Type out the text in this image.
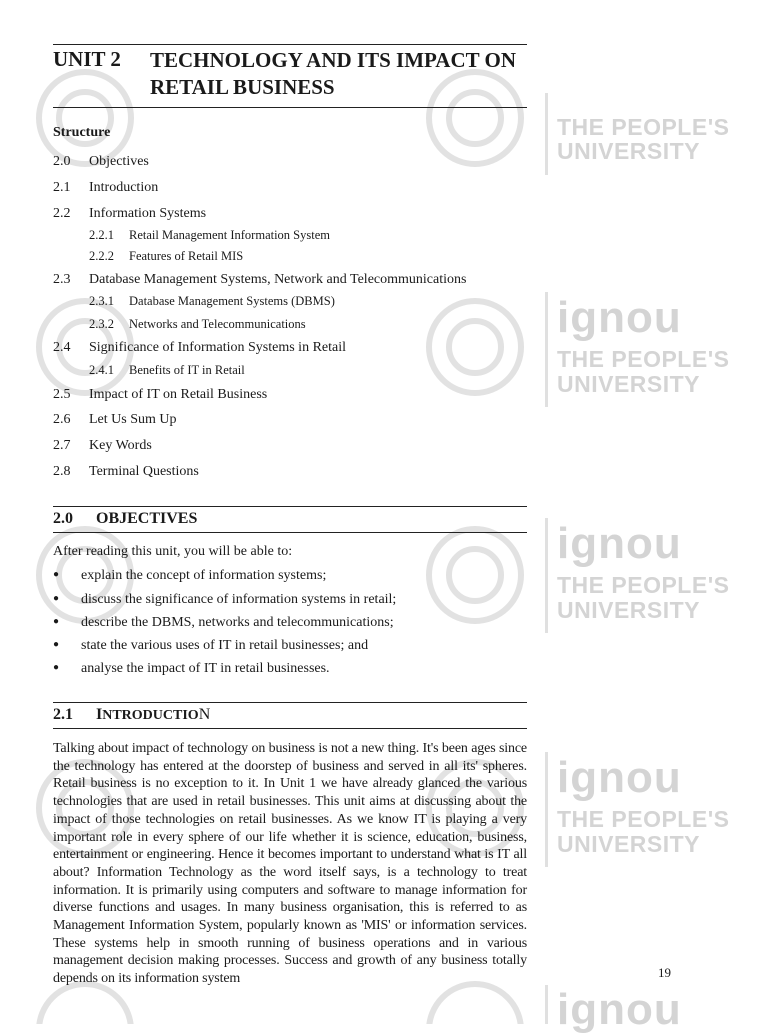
THE PEOPLE'S
UNIVERSITY
ignou
THE PEOPLE'S
UNIVERSITY
ignou
THE PEOPLE'S
UNIVERSITY
ignou
THE PEOPLE'S
UNIVERSITY
ignou
UNIT 2 TECHNOLOGY AND ITS IMPACT ON RETAIL BUSINESS
Structure
2.0 Objectives
2.1 Introduction
2.2 Information Systems
2.2.1 Retail Management Information System
2.2.2 Features of Retail MIS
2.3 Database Management Systems, Network and Telecommunications
2.3.1 Database Management Systems (DBMS)
2.3.2 Networks and Telecommunications
2.4 Significance of Information Systems in Retail
2.4.1 Benefits of IT in Retail
2.5 Impact of IT on Retail Business
2.6 Let Us Sum Up
2.7 Key Words
2.8 Terminal Questions
2.0 OBJECTIVES
After reading this unit, you will be able to:
● explain the concept of information systems;
● discuss the significance of information systems in retail;
● describe the DBMS, networks and telecommunications;
● state the various uses of IT in retail businesses; and
● analyse the impact of IT in retail businesses.
2.1 INTRODUCTION
Talking about impact of technology on business is not a new thing. It's been ages since the technology has entered at the doorstep of business and served in all its' spheres. Retail business is no exception to it. In Unit 1 we have already glanced the various technologies that are used in retail businesses. This unit aims at discussing about the impact of those technologies on retail businesses. As we know IT is playing a very important role in every sphere of our life whether it is science, education, business, entertainment or engineering. Hence it becomes important to understand what is IT all about? Information Technology as the word itself says, is a technology to treat information. It is primarily using computers and software to manage information for diverse functions and usages. In many business organisation, this is referred to as Management Information System, popularly known as 'MIS' or information services. These systems help in smooth running of business operations and in various management decision making processes. Success and growth of any business totally depends on its information system	19
